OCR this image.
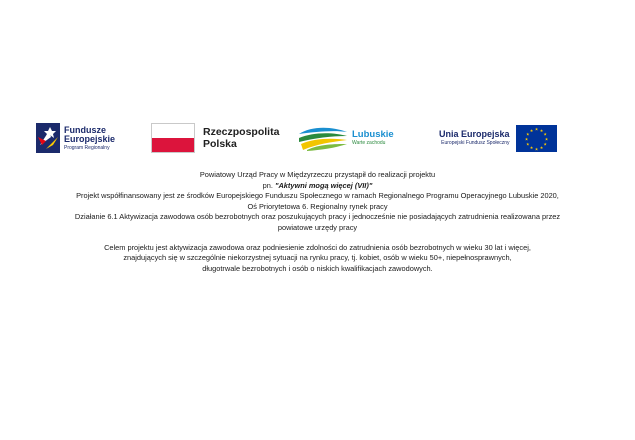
Fundusze
Europejskie
Program Regionalny
Rzeczpospolita
Polska
Lubuskie
Warte zachodu
Unia Europejska
Europejski Fundusz Społeczny
★ ★
★
★
★
★
★
★
★
★
★
★

Powiatowy Urząd Pracy w Międzyrzeczu przystąpił do realizacji projektu

pn. "Aktywni mogą więcej (VII)"

Projekt współfinansowany jest ze środków Europejskiego Funduszu Społecznego w ramach Regionalnego Programu Operacyjnego Lubuskie 2020,

Oś Priorytetowa 6. Regionalny rynek pracy

Działanie 6.1 Aktywizacja zawodowa osób bezrobotnych oraz poszukujących pracy i jednocześnie nie posiadających zatrudnienia realizowana przez

powiatowe urzędy pracy

Celem projektu jest aktywizacja zawodowa oraz podniesienie zdolności do zatrudnienia osób bezrobotnych w wieku 30 lat i więcej,

znajdujących się w szczególnie niekorzystnej sytuacji na rynku pracy, tj. kobiet, osób w wieku 50+, niepełnosprawnych,

długotrwale bezrobotnych i osób o niskich kwalifikacjach zawodowych.
